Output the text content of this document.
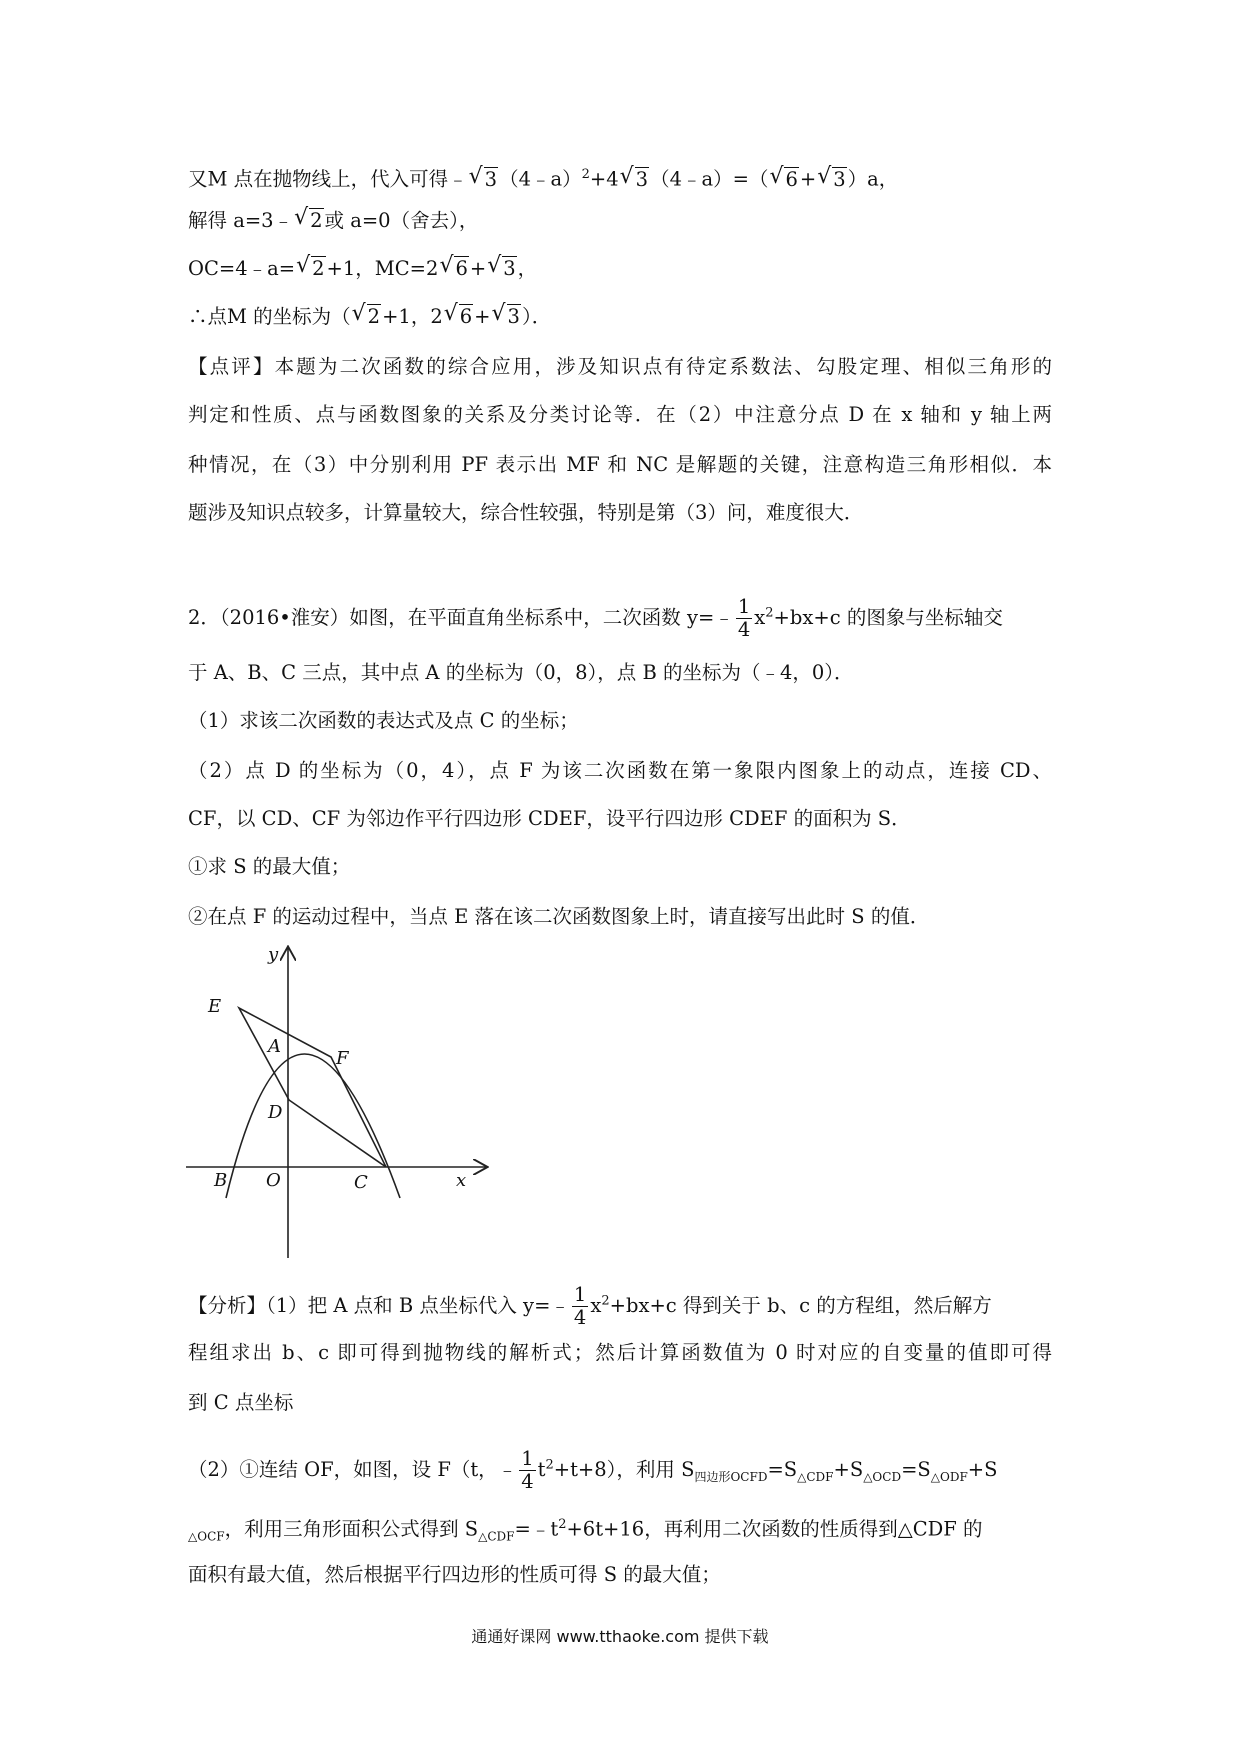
又M 点在抛物线上，代入可得﹣ √ 3 （4﹣a）$^2$+4 √ 3 （4﹣a）=（ √ 6 + √ 3 ）a，
解得 a=3﹣ √ 2 或 a=0（舍去），
OC=4﹣a= √ 2 +1，MC=2 √ 6 + √ 3 ，
∴点M 的坐标为（ √ 2 +1，2 √ 6 + √ 3 ）．
【点评】本题为二次函数的综合应用，涉及知识点有待定系数法、勾股定理、相似三角形的
判定和性质、点与函数图象的关系及分类讨论等．在（2）中注意分点 D 在 x 轴和 y 轴上两
种情况，在（3）中分别利用 PF 表示出 MF 和 NC 是解题的关键，注意构造三角形相似．本
题涉及知识点较多，计算量较大，综合性较强，特别是第（3）问，难度很大．
2．（2016•淮安）如图，在平面直角坐标系中，二次函数 y=﹣ $\frac{1}{4} x^2+bx+c$ 的图象与坐标轴交
于 A、B、C 三点，其中点 A 的坐标为（0，8），点 B 的坐标为（﹣4，0）．
（1）求该二次函数的表达式及点 C 的坐标；
（2）点 D 的坐标为（0，4），点 F 为该二次函数在第一象限内图象上的动点，连接 CD、
CF，以 CD、CF 为邻边作平行四边形 CDEF，设平行四边形 CDEF 的面积为 S．
①求 S 的最大值；
②在点 F 的运动过程中，当点 E 落在该二次函数图象上时，请直接写出此时 S 的值．
y
x
E
A
F
D
B O	C
【分析】（1）把 A 点和 B 点坐标代入 y=﹣ $\frac{1}{4} x^2+bx+c$ 得到关于 b、c 的方程组，然后解方
程组求出 b、c 即可得到抛物线的解析式；然后计算函数值为 0 时对应的自变量的值即可得
到 C 点坐标
（2）①连结 OF，如图，设 F（t，﹣ $\frac{1}{4} t^2+t+8$），利用 $S_{四边形OCFD}=S_{\triangle CDF}+S_{\triangle OCD}=S_{\triangle ODF}+S$
$_{\triangle OCF}$，利用三角形面积公式得到 $S_{\triangle CDF}=﹣t^2+6t+16$，再利用二次函数的性质得到△CDF 的
面积有最大值，然后根据平行四边形的性质可得 S 的最大值；
通通好课网 www.tthaoke.com 提供下载
